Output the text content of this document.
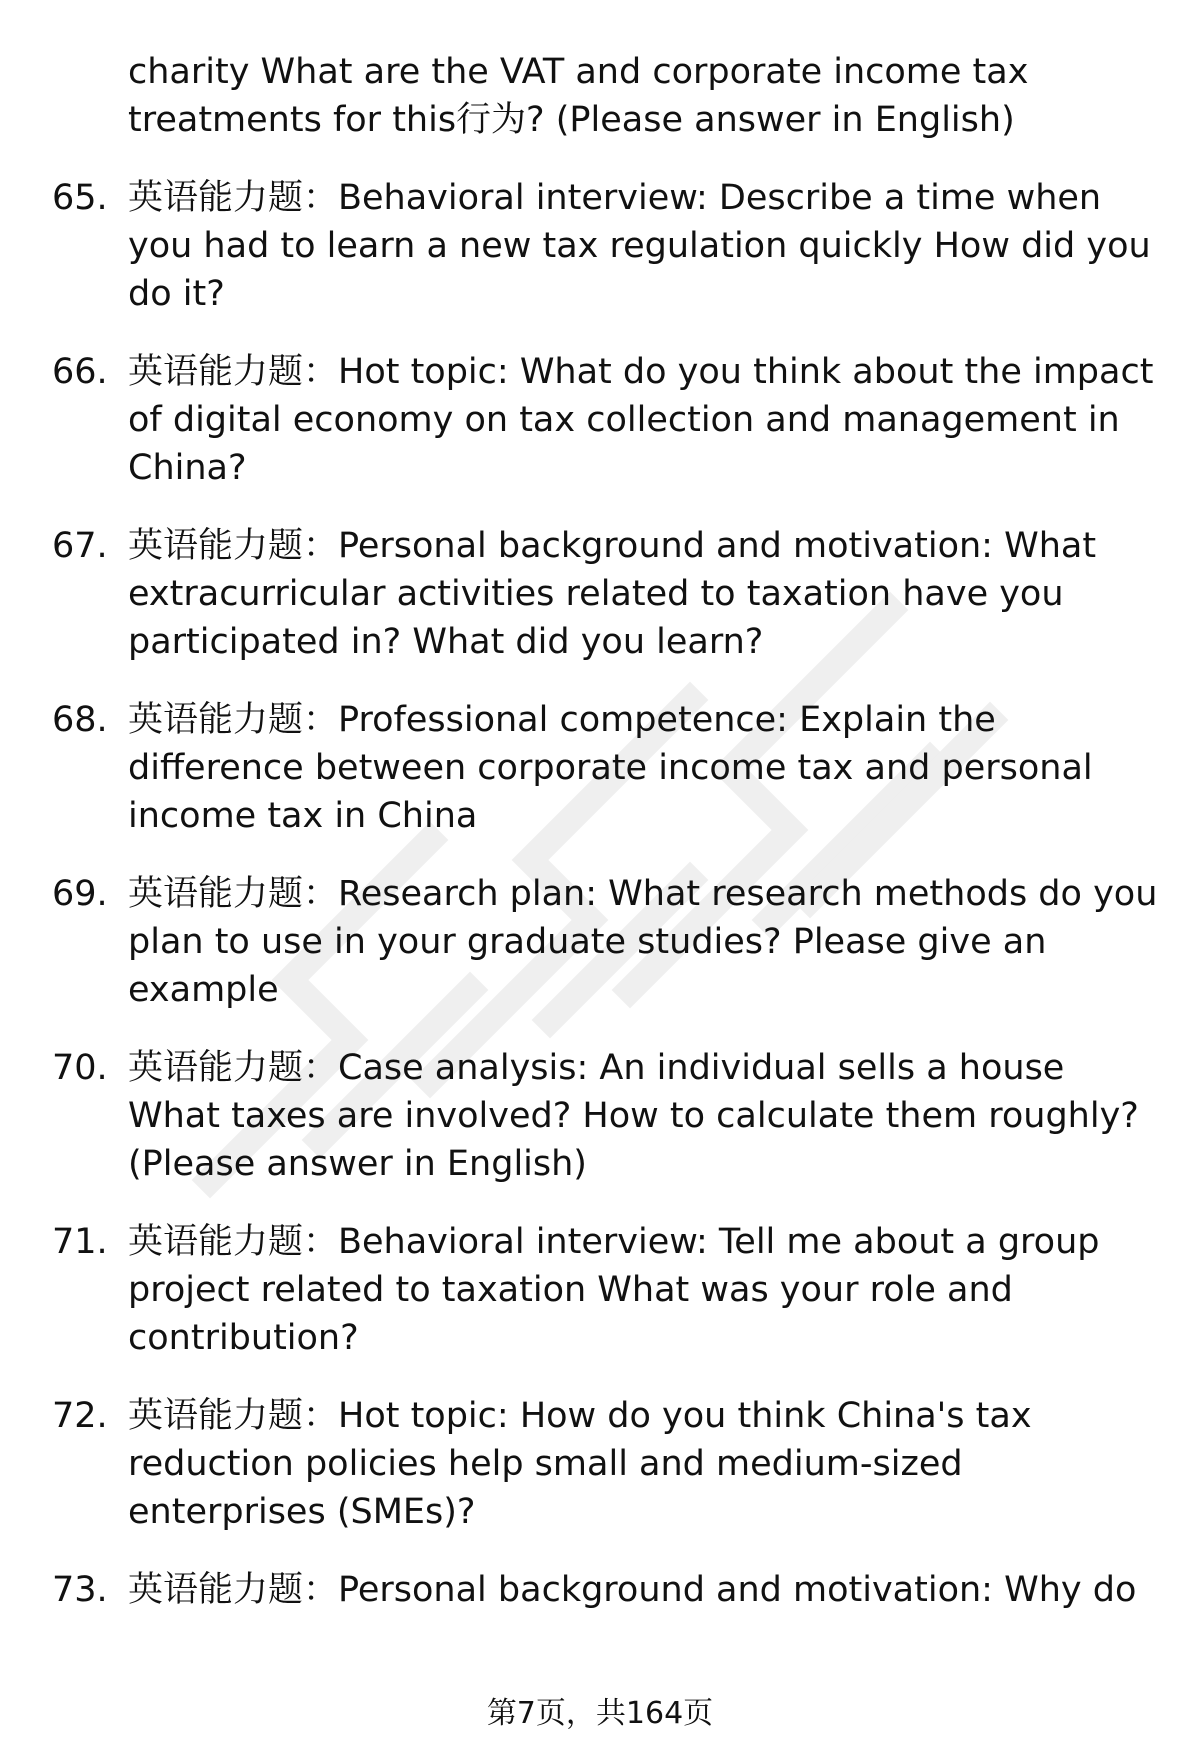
charity What are the VAT and corporate income tax treatments for this行为? (Please answer in English)
65. 英语能力题：Behavioral interview: Describe a time when you had to learn a new tax regulation quickly How did you do it?
66. 英语能力题：Hot topic: What do you think about the impact of digital economy on tax collection and management in China?
67. 英语能力题：Personal background and motivation: What extracurricular activities related to taxation have you participated in? What did you learn?
68. 英语能力题：Professional competence: Explain the difference between corporate income tax and personal income tax in China
69. 英语能力题：Research plan: What research methods do you plan to use in your graduate studies? Please give an example
70. 英语能力题：Case analysis: An individual sells a house What taxes are involved? How to calculate them roughly? (Please answer in English)
71. 英语能力题：Behavioral interview: Tell me about a group project related to taxation What was your role and contribution?
72. 英语能力题：Hot topic: How do you think China's tax reduction policies help small and medium-sized enterprises (SMEs)?
73. 英语能力题：Personal background and motivation: Why do
第7页，共164页
